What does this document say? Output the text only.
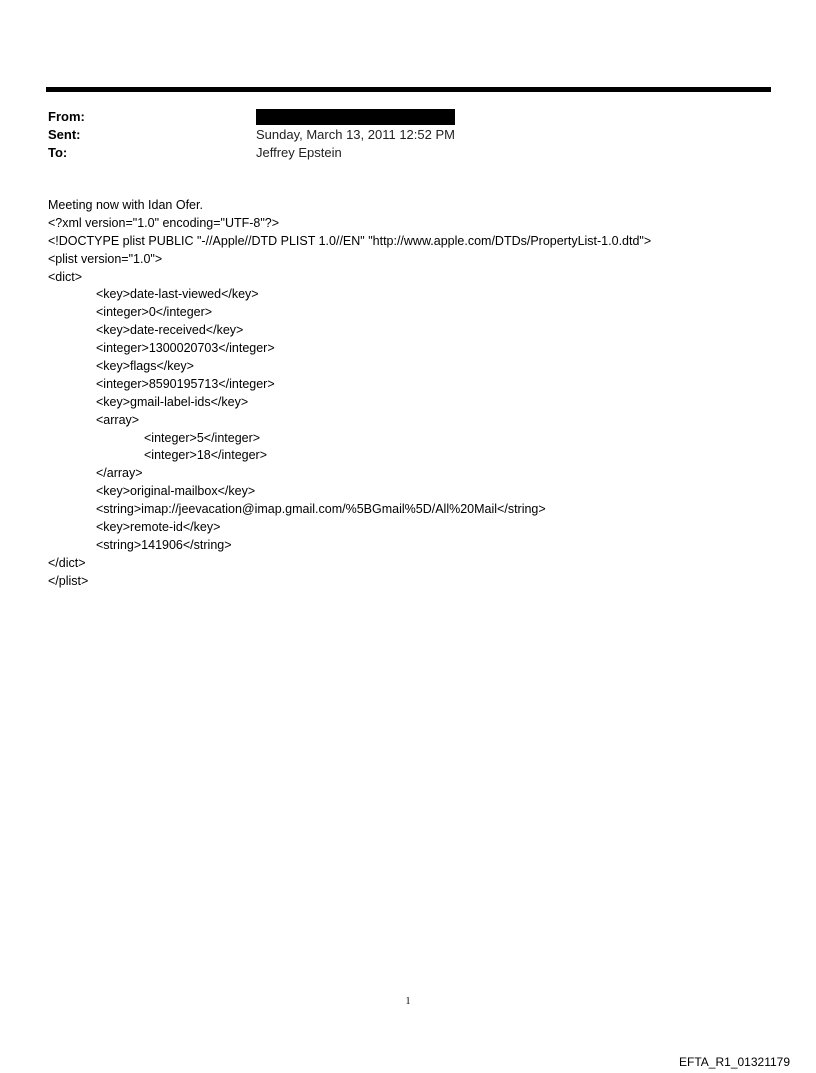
From:
Sent:	Sunday, March 13, 2011 12:52 PM
To:	Jeffrey Epstein
Meeting now with Idan Ofer.
<?xml version="1.0" encoding="UTF-8"?>
<!DOCTYPE plist PUBLIC "-//Apple//DTD PLIST 1.0//EN" "http://www.apple.com/DTDs/PropertyList-1.0.dtd">
<plist version="1.0">
<dict>
<key>date-last-viewed</key>
<integer>0</integer>
<key>date-received</key>
<integer>1300020703</integer>
<key>flags</key>
<integer>8590195713</integer>
<key>gmail-label-ids</key>
<array>
<integer>5</integer>
<integer>18</integer>
</array>
<key>original-mailbox</key>
<string>imap://jeevacation@imap.gmail.com/%5BGmail%5D/All%20Mail</string>
<key>remote-id</key>
<string>141906</string>
</dict>
</plist>
1
EFTA_R1_01321179
